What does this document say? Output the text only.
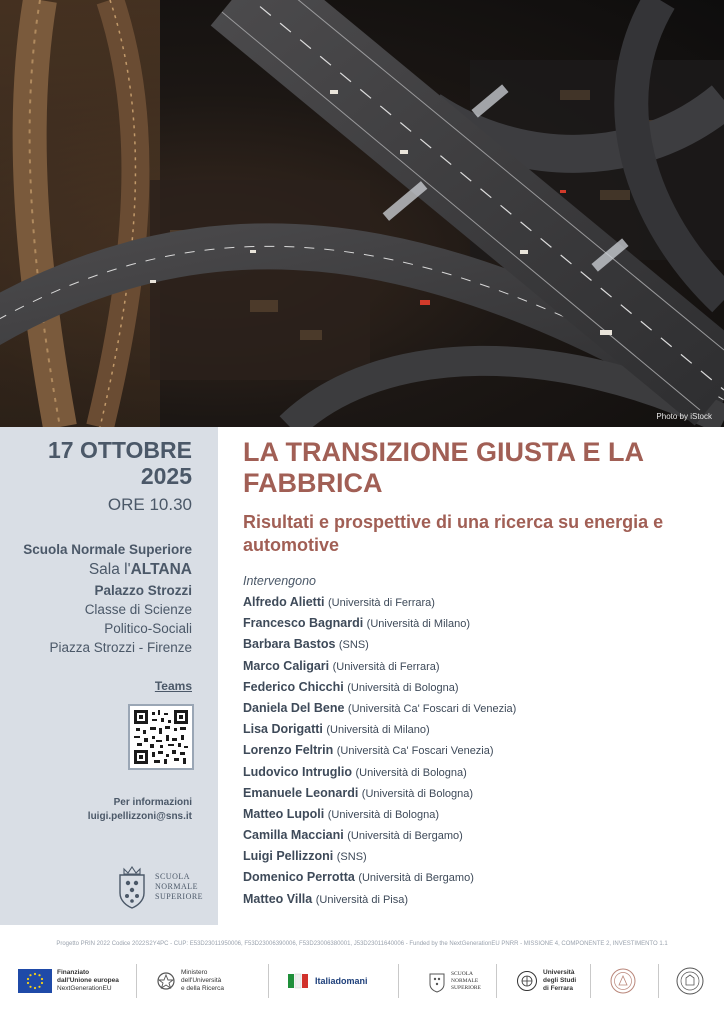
Photo by iStock
17 OTTOBRE
2025
ORE 10.30
Scuola Normale Superiore
Sala l'ALTANA
Palazzo Strozzi
Classe di Scienze
Politico-Sociali
Piazza Strozzi - Firenze
Teams
Per informazioni
luigi.pellizzoni@sns.it
SCUOLA
NORMALE
SUPERIORE
LA TRANSIZIONE GIUSTA E LA FABBRICA
Risultati e prospettive di una ricerca su energia e automotive
Intervengono
Alfredo Alietti (Università di Ferrara)
Francesco Bagnardi (Università di Milano)
Barbara Bastos (SNS)
Marco Caligari (Università di Ferrara)
Federico Chicchi (Università di Bologna)
Daniela Del Bene (Università Ca' Foscari di Venezia)
Lisa Dorigatti (Università di Milano)
Lorenzo Feltrin (Università Ca' Foscari Venezia)
Ludovico Intruglio (Università di Bologna)
Emanuele Leonardi (Università di Bologna)
Matteo Lupoli (Università di Bologna)
Camilla Macciani (Università di Bergamo)
Luigi Pellizzoni (SNS)
Domenico Perrotta (Università di Bergamo)
Matteo Villa (Università di Pisa)
Progetto PRIN 2022 Codice 2022S2Y4PC - CUP: E53D23011950006, F53D23006390006, F53D23006380001, J53D23011640006 - Funded by the NextGenerationEU PNRR - MISSIONE 4, COMPONENTE 2, INVESTIMENTO 1.1
Finanziato
dall'Unione europea
NextGenerationEU
Ministero
dell'Università
e della Ricerca
Italiadomani
SCUOLA
NORMALE
SUPERIORE
Università
degli Studi
di Ferrara
